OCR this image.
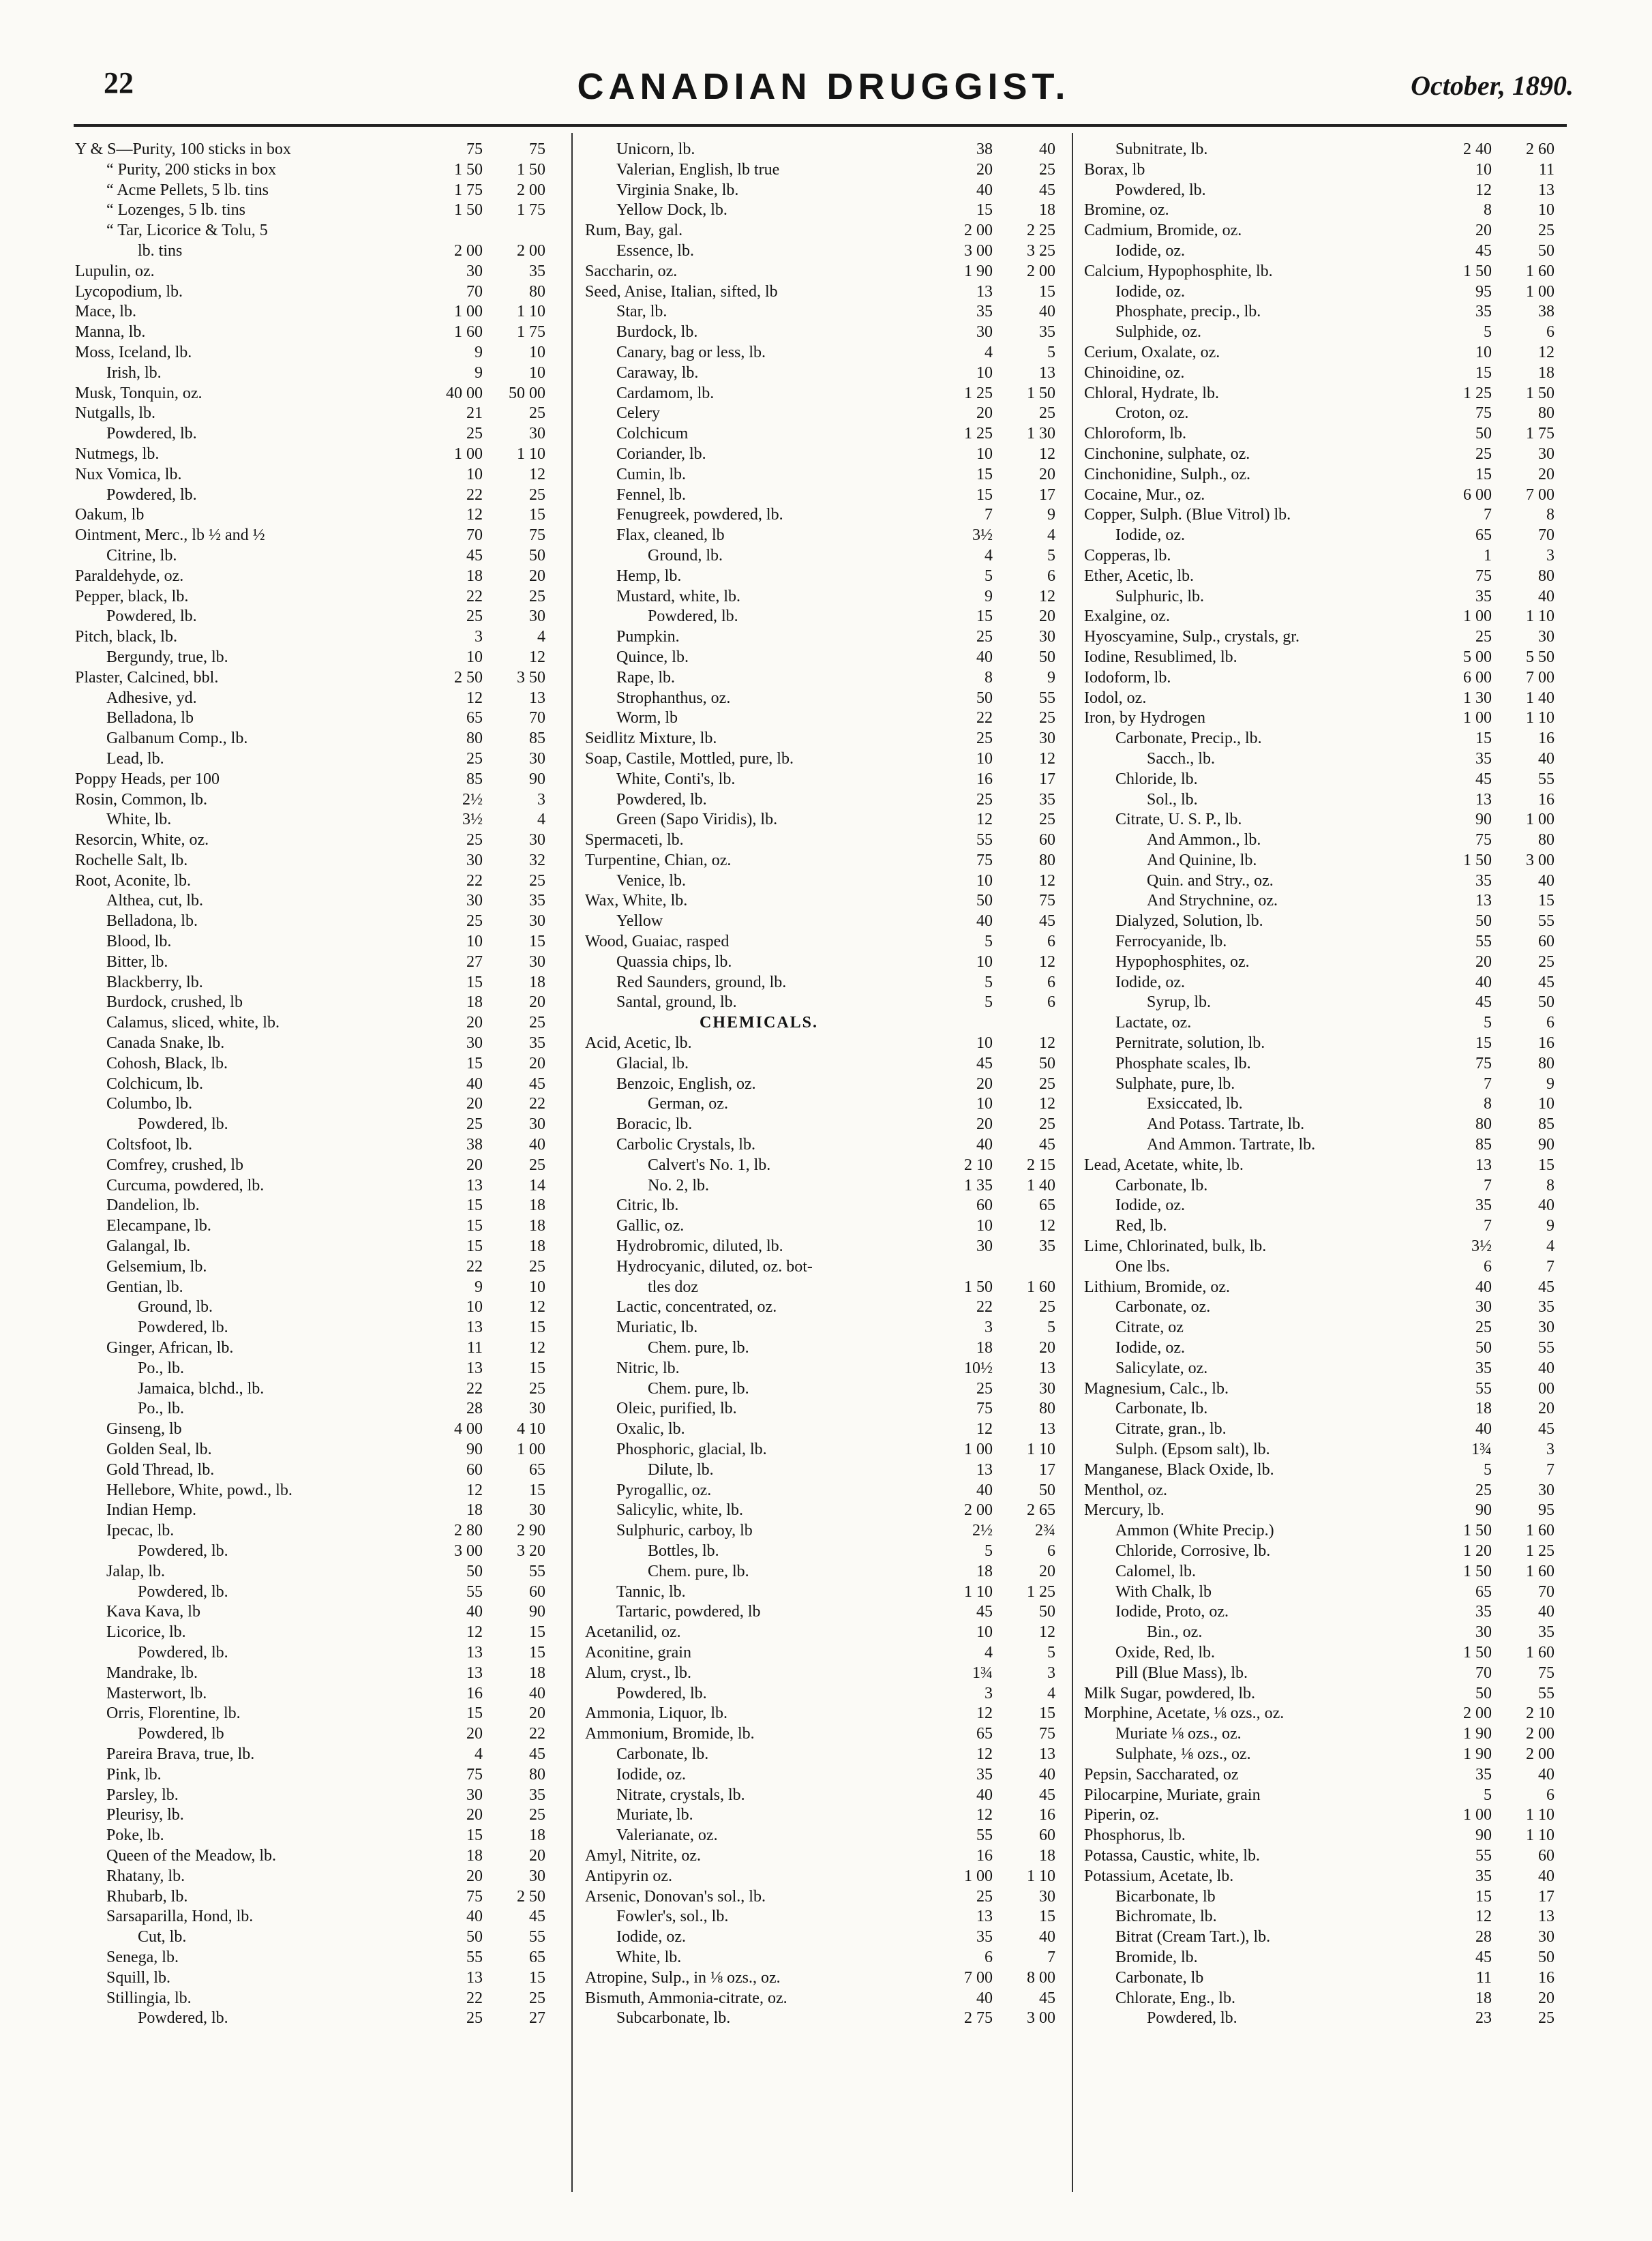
22	CANADIAN DRUGGIST.	October, 1890.
Y & S—Purity, 100 sticks in box	75	75
“ Purity, 200 sticks in box	1 50	1 50
“ Acme Pellets, 5 lb. tins	1 75	2 00
“ Lozenges, 5 lb. tins	1 50	1 75
“ Tar, Licorice & Tolu, 5
lb. tins	2 00	2 00
Lupulin, oz.	30	35
Lycopodium, lb.	70	80
Mace, lb.	1 00	1 10
Manna, lb.	1 60	1 75
Moss, Iceland, lb.	9	10
Irish, lb.	9	10
Musk, Tonquin, oz.	40 00	50 00
Nutgalls, lb.	21	25
Powdered, lb.	25	30
Nutmegs, lb.	1 00	1 10
Nux Vomica, lb.	10	12
Powdered, lb.	22	25
Oakum, lb	12	15
Ointment, Merc., lb ½ and ½	70	75
Citrine, lb.	45	50
Paraldehyde, oz.	18	20
Pepper, black, lb.	22	25
Powdered, lb.	25	30
Pitch, black, lb.	3	4
Bergundy, true, lb.	10	12
Plaster, Calcined, bbl.	2 50	3 50
Adhesive, yd.	12	13
Belladona, lb	65	70
Galbanum Comp., lb.	80	85
Lead, lb.	25	30
Poppy Heads, per 100	85	90
Rosin, Common, lb.	2½	3
White, lb.	3½	4
Resorcin, White, oz.	25	30
Rochelle Salt, lb.	30	32
Root, Aconite, lb.	22	25
Althea, cut, lb.	30	35
Belladona, lb.	25	30
Blood, lb.	10	15
Bitter, lb.	27	30
Blackberry, lb.	15	18
Burdock, crushed, lb	18	20
Calamus, sliced, white, lb.	20	25
Canada Snake, lb.	30	35
Cohosh, Black, lb.	15	20
Colchicum, lb.	40	45
Columbo, lb.	20	22
Powdered, lb.	25	30
Coltsfoot, lb.	38	40
Comfrey, crushed, lb	20	25
Curcuma, powdered, lb.	13	14
Dandelion, lb.	15	18
Elecampane, lb.	15	18
Galangal, lb.	15	18
Gelsemium, lb.	22	25
Gentian, lb.	9	10
Ground, lb.	10	12
Powdered, lb.	13	15
Ginger, African, lb.	11	12
Po., lb.	13	15
Jamaica, blchd., lb.	22	25
Po., lb.	28	30
Ginseng, lb	4 00	4 10
Golden Seal, lb.	90	1 00
Gold Thread, lb.	60	65
Hellebore, White, powd., lb.	12	15
Indian Hemp.	18	30
Ipecac, lb.	2 80	2 90
Powdered, lb.	3 00	3 20
Jalap, lb.	50	55
Powdered, lb.	55	60
Kava Kava, lb	40	90
Licorice, lb.	12	15
Powdered, lb.	13	15
Mandrake, lb.	13	18
Masterwort, lb.	16	40
Orris, Florentine, lb.	15	20
Powdered, lb	20	22
Pareira Brava, true, lb.	4	45
Pink, lb.	75	80
Parsley, lb.	30	35
Pleurisy, lb.	20	25
Poke, lb.	15	18
Queen of the Meadow, lb.	18	20
Rhatany, lb.	20	30
Rhubarb, lb.	75	2 50
Sarsaparilla, Hond, lb.	40	45
Cut, lb.	50	55
Senega, lb.	55	65
Squill, lb.	13	15
Stillingia, lb.	22	25
Powdered, lb.	25	27
Unicorn, lb.	38	40
Valerian, English, lb true	20	25
Virginia Snake, lb.	40	45
Yellow Dock, lb.	15	18
Rum, Bay, gal.	2 00	2 25
Essence, lb.	3 00	3 25
Saccharin, oz.	1 90	2 00
Seed, Anise, Italian, sifted, lb	13	15
Star, lb.	35	40
Burdock, lb.	30	35
Canary, bag or less, lb.	4	5
Caraway, lb.	10	13
Cardamom, lb.	1 25	1 50
Celery	20	25
Colchicum	1 25	1 30
Coriander, lb.	10	12
Cumin, lb.	15	20
Fennel, lb.	15	17
Fenugreek, powdered, lb.	7	9
Flax, cleaned, lb	3½	4
Ground, lb.	4	5
Hemp, lb.	5	6
Mustard, white, lb.	9	12
Powdered, lb.	15	20
Pumpkin.	25	30
Quince, lb.	40	50
Rape, lb.	8	9
Strophanthus, oz.	50	55
Worm, lb	22	25
Seidlitz Mixture, lb.	25	30
Soap, Castile, Mottled, pure, lb.	10	12
White, Conti's, lb.	16	17
Powdered, lb.	25	35
Green (Sapo Viridis), lb.	12	25
Spermaceti, lb.	55	60
Turpentine, Chian, oz.	75	80
Venice, lb.	10	12
Wax, White, lb.	50	75
Yellow	40	45
Wood, Guaiac, rasped	5	6
Quassia chips, lb.	10	12
Red Saunders, ground, lb.	5	6
Santal, ground, lb.	5	6
CHEMICALS.
Acid, Acetic, lb.	10	12
Glacial, lb.	45	50
Benzoic, English, oz.	20	25
German, oz.	10	12
Boracic, lb.	20	25
Carbolic Crystals, lb.	40	45
Calvert's No. 1, lb.	2 10	2 15
No. 2, lb.	1 35	1 40
Citric, lb.	60	65
Gallic, oz.	10	12
Hydrobromic, diluted, lb.	30	35
Hydrocyanic, diluted, oz. bot-
tles doz	1 50	1 60
Lactic, concentrated, oz.	22	25
Muriatic, lb.	3	5
Chem. pure, lb.	18	20
Nitric, lb.	10½	13
Chem. pure, lb.	25	30
Oleic, purified, lb.	75	80
Oxalic, lb.	12	13
Phosphoric, glacial, lb.	1 00	1 10
Dilute, lb.	13	17
Pyrogallic, oz.	40	50
Salicylic, white, lb.	2 00	2 65
Sulphuric, carboy, lb	2½	2¾
Bottles, lb.	5	6
Chem. pure, lb.	18	20
Tannic, lb.	1 10	1 25
Tartaric, powdered, lb	45	50
Acetanilid, oz.	10	12
Aconitine, grain	4	5
Alum, cryst., lb.	1¾	3
Powdered, lb.	3	4
Ammonia, Liquor, lb.	12	15
Ammonium, Bromide, lb.	65	75
Carbonate, lb.	12	13
Iodide, oz.	35	40
Nitrate, crystals, lb.	40	45
Muriate, lb.	12	16
Valerianate, oz.	55	60
Amyl, Nitrite, oz.	16	18
Antipyrin oz.	1 00	1 10
Arsenic, Donovan's sol., lb.	25	30
Fowler's, sol., lb.	13	15
Iodide, oz.	35	40
White, lb.	6	7
Atropine, Sulp., in ⅛ ozs., oz.	7 00	8 00
Bismuth, Ammonia-citrate, oz.	40	45
Subcarbonate, lb.	2 75	3 00
Subnitrate, lb.	2 40	2 60
Borax, lb	10	11
Powdered, lb.	12	13
Bromine, oz.	8	10
Cadmium, Bromide, oz.	20	25
Iodide, oz.	45	50
Calcium, Hypophosphite, lb.	1 50	1 60
Iodide, oz.	95	1 00
Phosphate, precip., lb.	35	38
Sulphide, oz.	5	6
Cerium, Oxalate, oz.	10	12
Chinoidine, oz.	15	18
Chloral, Hydrate, lb.	1 25	1 50
Croton, oz.	75	80
Chloroform, lb.	50	1 75
Cinchonine, sulphate, oz.	25	30
Cinchonidine, Sulph., oz.	15	20
Cocaine, Mur., oz.	6 00	7 00
Copper, Sulph. (Blue Vitrol) lb.	7	8
Iodide, oz.	65	70
Copperas, lb.	1	3
Ether, Acetic, lb.	75	80
Sulphuric, lb.	35	40
Exalgine, oz.	1 00	1 10
Hyoscyamine, Sulp., crystals, gr.	25	30
Iodine, Resublimed, lb.	5 00	5 50
Iodoform, lb.	6 00	7 00
Iodol, oz.	1 30	1 40
Iron, by Hydrogen	1 00	1 10
Carbonate, Precip., lb.	15	16
Sacch., lb.	35	40
Chloride, lb.	45	55
Sol., lb.	13	16
Citrate, U. S. P., lb.	90	1 00
And Ammon., lb.	75	80
And Quinine, lb.	1 50	3 00
Quin. and Stry., oz.	35	40
And Strychnine, oz.	13	15
Dialyzed, Solution, lb.	50	55
Ferrocyanide, lb.	55	60
Hypophosphites, oz.	20	25
Iodide, oz.	40	45
Syrup, lb.	45	50
Lactate, oz.	5	6
Pernitrate, solution, lb.	15	16
Phosphate scales, lb.	75	80
Sulphate, pure, lb.	7	9
Exsiccated, lb.	8	10
And Potass. Tartrate, lb.	80	85
And Ammon. Tartrate, lb.	85	90
Lead, Acetate, white, lb.	13	15
Carbonate, lb.	7	8
Iodide, oz.	35	40
Red, lb.	7	9
Lime, Chlorinated, bulk, lb.	3½	4
One lbs.	6	7
Lithium, Bromide, oz.	40	45
Carbonate, oz.	30	35
Citrate, oz	25	30
Iodide, oz.	50	55
Salicylate, oz.	35	40
Magnesium, Calc., lb.	55	00
Carbonate, lb.	18	20
Citrate, gran., lb.	40	45
Sulph. (Epsom salt), lb.	1¾	3
Manganese, Black Oxide, lb.	5	7
Menthol, oz.	25	30
Mercury, lb.	90	95
Ammon (White Precip.)	1 50	1 60
Chloride, Corrosive, lb.	1 20	1 25
Calomel, lb.	1 50	1 60
With Chalk, lb	65	70
Iodide, Proto, oz.	35	40
Bin., oz.	30	35
Oxide, Red, lb.	1 50	1 60
Pill (Blue Mass), lb.	70	75
Milk Sugar, powdered, lb.	50	55
Morphine, Acetate, ⅛ ozs., oz.	2 00	2 10
Muriate ⅛ ozs., oz.	1 90	2 00
Sulphate, ⅛ ozs., oz.	1 90	2 00
Pepsin, Saccharated, oz	35	40
Pilocarpine, Muriate, grain	5	6
Piperin, oz.	1 00	1 10
Phosphorus, lb.	90	1 10
Potassa, Caustic, white, lb.	55	60
Potassium, Acetate, lb.	35	40
Bicarbonate, lb	15	17
Bichromate, lb.	12	13
Bitrat (Cream Tart.), lb.	28	30
Bromide, lb.	45	50
Carbonate, lb	11	16
Chlorate, Eng., lb.	18	20
Powdered, lb.	23	25
